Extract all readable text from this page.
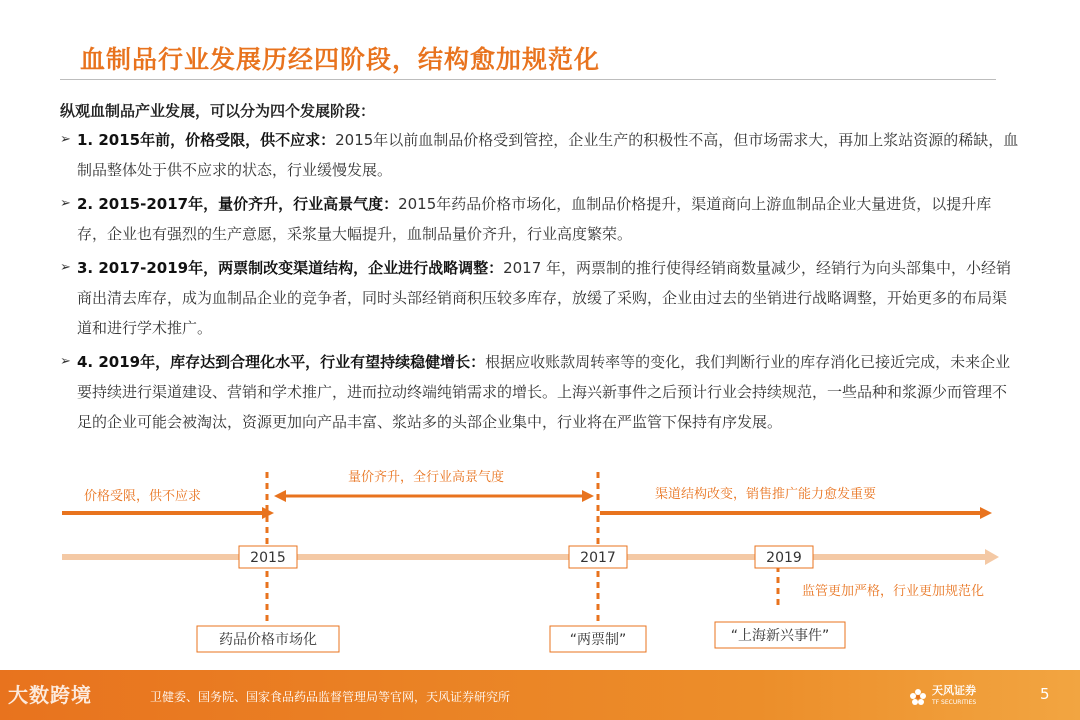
血制品行业发展历经四阶段，结构愈加规范化
纵观血制品产业发展，可以分为四个发展阶段：
➢ 1. 2015年前，价格受限，供不应求：2015年以前血制品价格受到管控，企业生产的积极性不高，但市场需求大，再加上浆站资源的稀缺，血制品整体处于供不应求的状态，行业缓慢发展。
➢ 2. 2015-2017年，量价齐升，行业高景气度：2015年药品价格市场化，血制品价格提升，渠道商向上游血制品企业大量进货，以提升库存，企业也有强烈的生产意愿，采浆量大幅提升，血制品量价齐升，行业高度繁荣。
➢ 3. 2017-2019年，两票制改变渠道结构，企业进行战略调整：2017 年，两票制的推行使得经销商数量减少，经销行为向头部集中，小经销商出清去库存，成为血制品企业的竞争者，同时头部经销商积压较多库存，放缓了采购，企业由过去的坐销进行战略调整，开始更多的布局渠道和进行学术推广。
➢ 4. 2019年，库存达到合理化水平，行业有望持续稳健增长：根据应收账款周转率等的变化，我们判断行业的库存消化已接近完成，未来企业要持续进行渠道建设、营销和学术推广，进而拉动终端纯销需求的增长。上海兴新事件之后预计行业会持续规范，一些品种和浆源少而管理不足的企业可能会被淘汰，资源更加向产品丰富、浆站多的头部企业集中，行业将在严监管下保持有序发展。
价格受限，供不应求
量价齐升，全行业高景气度
渠道结构改变，销售推广能力愈发重要
2015	2017	2019
监管更加严格，行业更加规范化
药品价格市场化	“两票制”	“上海新兴事件”
大数跨境	卫健委、国务院、国家食品药品监督管理局等官网，天风证券研究所	天风证券
TF SECURITIES	5
